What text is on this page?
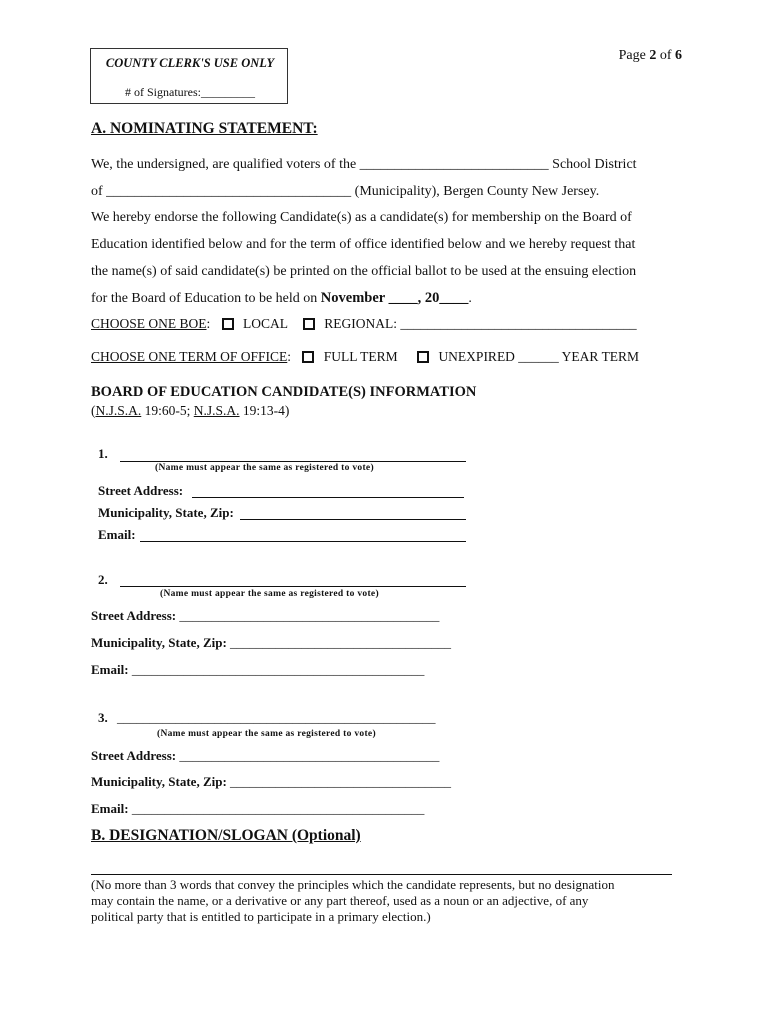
COUNTY CLERK'S USE ONLY
# of Signatures:_________
Page 2 of 6
A. NOMINATING STATEMENT:
We, the undersigned, are qualified voters of the ___________________________ School District
of ___________________________________ (Municipality), Bergen County New Jersey.
We hereby endorse the following Candidate(s) as a candidate(s) for membership on the Board of
Education identified below and for the term of office identified below and we hereby request that
the name(s) of said candidate(s) be printed on the official ballot to be used at the ensuing election
for the Board of Education to be held on November ____, 20____.
CHOOSE ONE BOE: LOCAL	REGIONAL: ___________________________________
CHOOSE ONE TERM OF OFFICE: FULL TERM	UNEXPIRED ______ YEAR TERM
BOARD OF EDUCATION CANDIDATE(S) INFORMATION
(N.J.S.A. 19:60-5; N.J.S.A. 19:13-4)
1.
(Name must appear the same as registered to vote)
Street Address:
Municipality, State, Zip:
Email:
2.
(Name must appear the same as registered to vote)
Street Address: ________________________________________
Municipality, State, Zip: __________________________________
Email: _____________________________________________
3. _________________________________________________
(Name must appear the same as registered to vote)
Street Address: ________________________________________
Municipality, State, Zip: __________________________________
Email: _____________________________________________
B. DESIGNATION/SLOGAN (Optional)
(No more than 3 words that convey the principles which the candidate represents, but no designation
may contain the name, or a derivative or any part thereof, used as a noun or an adjective, of any
political party that is entitled to participate in a primary election.)
